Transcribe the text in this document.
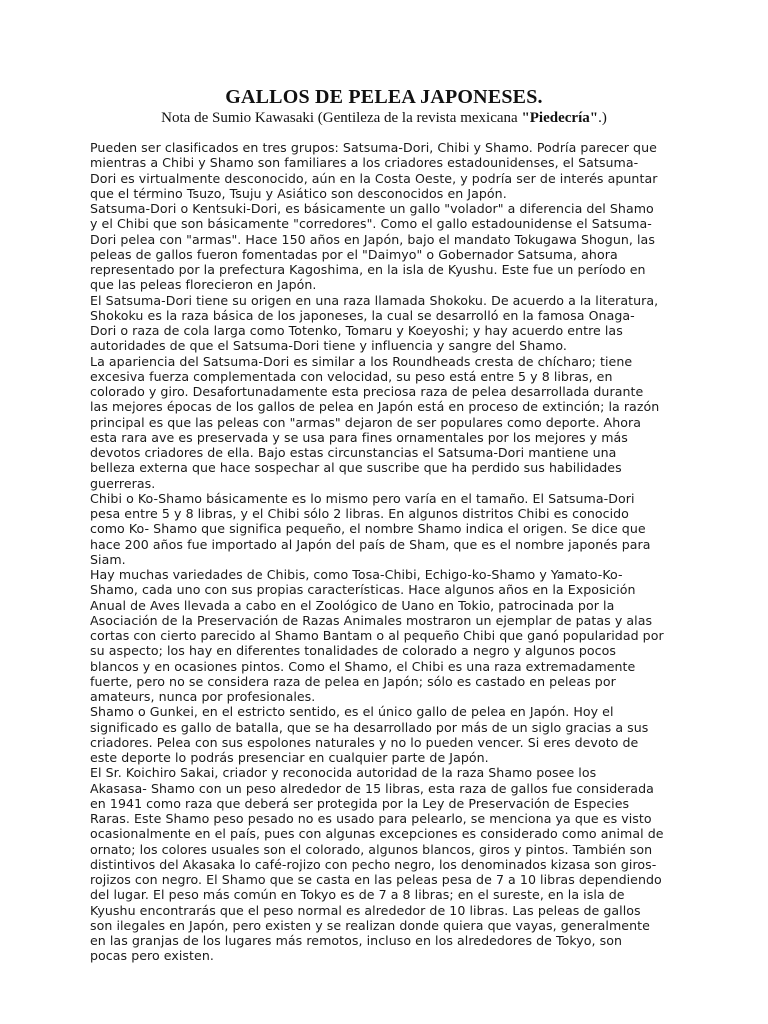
GALLOS DE PELEA JAPONESES.

Nota de Sumio Kawasaki (Gentileza de la revista mexicana "Piedecría".)

Pueden ser clasificados en tres grupos: Satsuma-Dori, Chibi y Shamo. Podría parecer que
mientras a Chibi y Shamo son familiares a los criadores estadounidenses, el Satsuma-
Dori es virtualmente desconocido, aún en la Costa Oeste, y podría ser de interés apuntar
que el término Tsuzo, Tsuju y Asiático son desconocidos en Japón.
Satsuma-Dori o Kentsuki-Dori, es básicamente un gallo "volador" a diferencia del Shamo
y el Chibi que son básicamente "corredores". Como el gallo estadounidense el Satsuma-
Dori pelea con "armas". Hace 150 años en Japón, bajo el mandato Tokugawa Shogun, las
peleas de gallos fueron fomentadas por el "Daimyo" o Gobernador Satsuma, ahora
representado por la prefectura Kagoshima, en la isla de Kyushu. Este fue un período en
que las peleas florecieron en Japón.
El Satsuma-Dori tiene su origen en una raza llamada Shokoku. De acuerdo a la literatura,
Shokoku es la raza básica de los japoneses, la cual se desarrolló en la famosa Onaga-
Dori o raza de cola larga como Totenko, Tomaru y Koeyoshi; y hay acuerdo entre las
autoridades de que el Satsuma-Dori tiene y influencia y sangre del Shamo.
La apariencia del Satsuma-Dori es similar a los Roundheads cresta de chícharo; tiene
excesiva fuerza complementada con velocidad, su peso está entre 5 y 8 libras, en
colorado y giro. Desafortunadamente esta preciosa raza de pelea desarrollada durante
las mejores épocas de los gallos de pelea en Japón está en proceso de extinción; la razón
principal es que las peleas con "armas" dejaron de ser populares como deporte. Ahora
esta rara ave es preservada y se usa para fines ornamentales por los mejores y más
devotos criadores de ella. Bajo estas circunstancias el Satsuma-Dori mantiene una
belleza externa que hace sospechar al que suscribe que ha perdido sus habilidades
guerreras.
Chibi o Ko-Shamo básicamente es lo mismo pero varía en el tamaño. El Satsuma-Dori
pesa entre 5 y 8 libras, y el Chibi sólo 2 libras. En algunos distritos Chibi es conocido
como Ko- Shamo que significa pequeño, el nombre Shamo indica el origen. Se dice que
hace 200 años fue importado al Japón del país de Sham, que es el nombre japonés para
Siam.
Hay muchas variedades de Chibis, como Tosa-Chibi, Echigo-ko-Shamo y Yamato-Ko-
Shamo, cada uno con sus propias características. Hace algunos años en la Exposición
Anual de Aves llevada a cabo en el Zoológico de Uano en Tokio, patrocinada por la
Asociación de la Preservación de Razas Animales mostraron un ejemplar de patas y alas
cortas con cierto parecido al Shamo Bantam o al pequeño Chibi que ganó popularidad por
su aspecto; los hay en diferentes tonalidades de colorado a negro y algunos pocos
blancos y en ocasiones pintos. Como el Shamo, el Chibi es una raza extremadamente
fuerte, pero no se considera raza de pelea en Japón; sólo es castado en peleas por
amateurs, nunca por profesionales.
Shamo o Gunkei, en el estricto sentido, es el único gallo de pelea en Japón. Hoy el
significado es gallo de batalla, que se ha desarrollado por más de un siglo gracias a sus
criadores. Pelea con sus espolones naturales y no lo pueden vencer. Si eres devoto de
este deporte lo podrás presenciar en cualquier parte de Japón.
El Sr. Koichiro Sakai, criador y reconocida autoridad de la raza Shamo posee los
Akasasa- Shamo con un peso alrededor de 15 libras, esta raza de gallos fue considerada
en 1941 como raza que deberá ser protegida por la Ley de Preservación de Especies
Raras. Este Shamo peso pesado no es usado para pelearlo, se menciona ya que es visto
ocasionalmente en el país, pues con algunas excepciones es considerado como animal de
ornato; los colores usuales son el colorado, algunos blancos, giros y pintos. También son
distintivos del Akasaka lo café-rojizo con pecho negro, los denominados kizasa son giros-
rojizos con negro. El Shamo que se casta en las peleas pesa de 7 a 10 libras dependiendo
del lugar. El peso más común en Tokyo es de 7 a 8 libras; en el sureste, en la isla de
Kyushu encontrarás que el peso normal es alrededor de 10 libras. Las peleas de gallos
son ilegales en Japón, pero existen y se realizan donde quiera que vayas, generalmente
en las granjas de los lugares más remotos, incluso en los alrededores de Tokyo, son
pocas pero existen.
